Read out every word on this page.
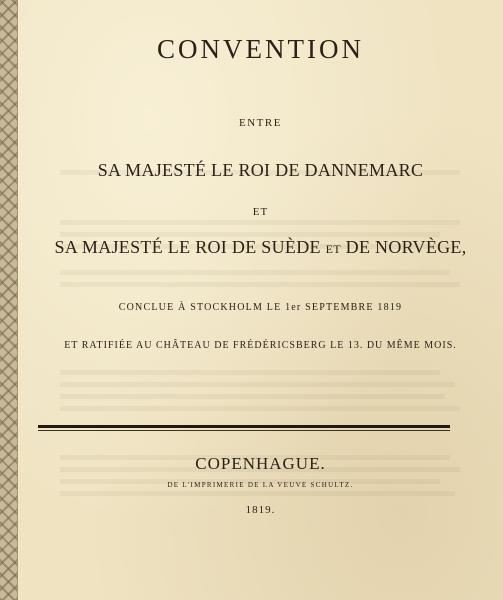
CONVENTION
ENTRE
SA MAJESTÉ LE ROI DE DANNEMARC
ET
SA MAJESTÉ LE ROI DE SUÈDE ET DE NORVÈGE,
CONCLUE À STOCKHOLM LE 1er SEPTEMBRE 1819
ET RATIFIÉE AU CHÂTEAU DE FRÉDÉRICSBERG LE 13. DU MÊME MOIS.
COPENHAGUE.
DE L'IMPRIMERIE DE LA VEUVE SCHULTZ.
1819.
